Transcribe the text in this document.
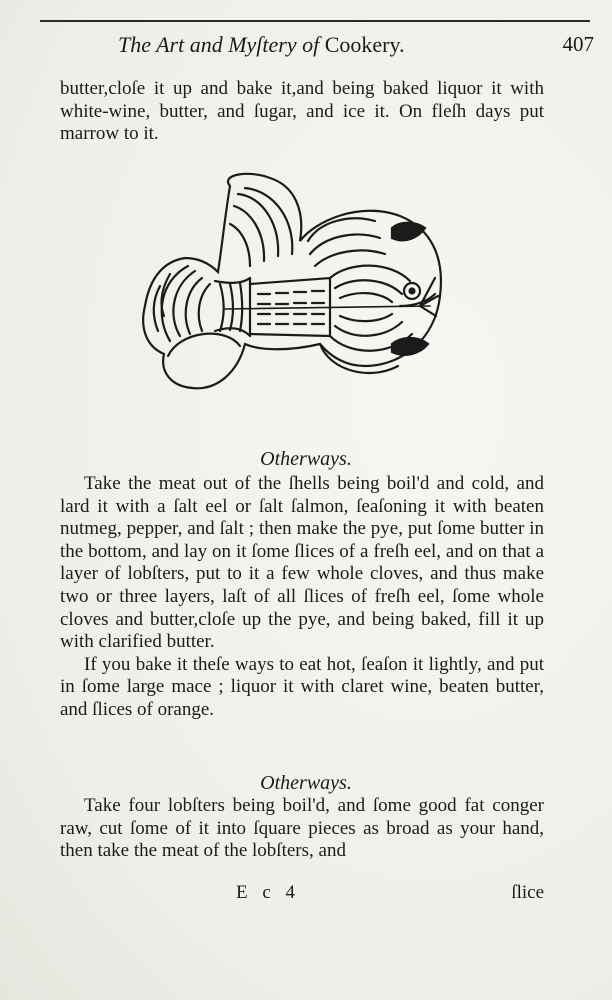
The Art and Myſtery of Cookery.	407

butter,cloſe it up and bake it,and being baked liquor it with white-wine, butter, and ſugar, and ice it. On fleſh days put marrow to it.

Otherways.

Take the meat out of the ſhells being boil'd and cold, and lard it with a ſalt eel or ſalt ſalmon, ſeaſoning it with beaten nutmeg, pepper, and ſalt ; then make the pye, put ſome butter in the bottom, and lay on it ſome ſlices of a freſh eel, and on that a layer of lobſters, put to it a few whole cloves, and thus make two or three layers, laſt of all ſlices of freſh eel, ſome whole cloves and butter,cloſe up the pye, and being baked, fill it up with clarified butter.

If you bake it theſe ways to eat hot, ſeaſon it lightly, and put in ſome large mace ; liquor it with claret wine, beaten butter, and ſlices of orange.

Otherways.

Take four lobſters being boil'd, and ſome good fat conger raw, cut ſome of it into ſquare pieces as broad as your hand, then take the meat of the lobſters, and

E c 4	ſlice
